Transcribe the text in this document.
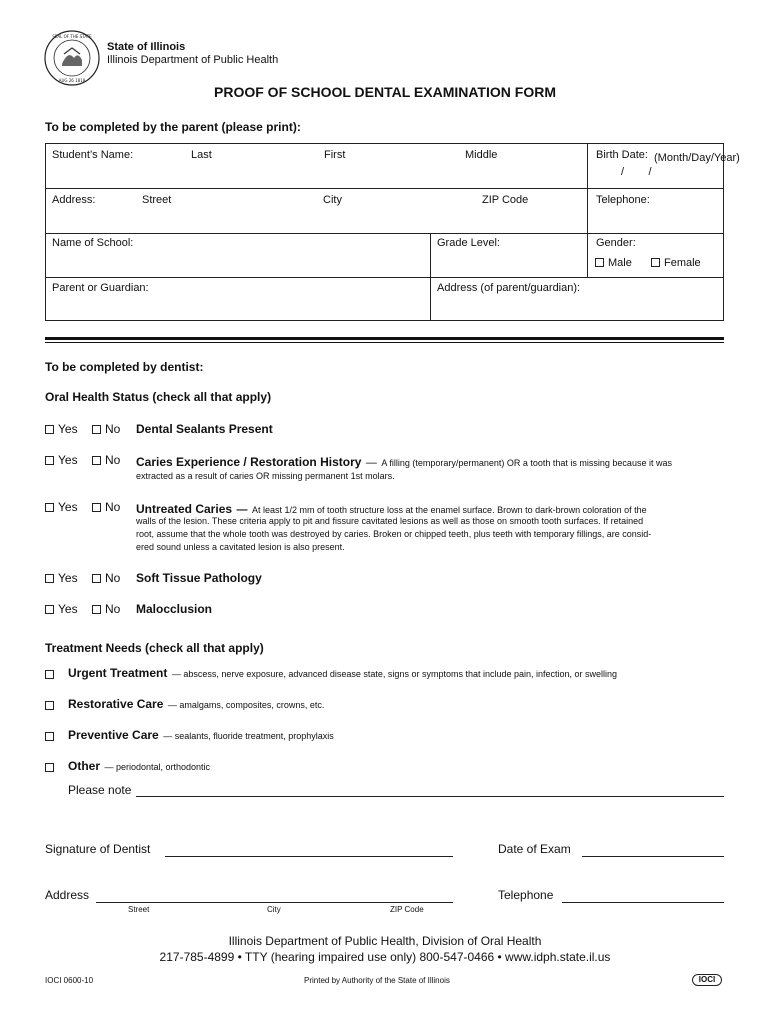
SEAL OF THE STATE
AUG 26 1818
State of Illinois
Illinois Department of Public Health
PROOF OF SCHOOL DENTAL EXAMINATION FORM
To be completed by the parent (please print):
Student’s Name:	Last	First	Middle	Birth Date: (Month/Day/Year)
/        /
Address:	Street	City	ZIP Code	Telephone:
Name of School:	Grade Level:	Gender:
Male	Female
Parent or Guardian:	Address (of parent/guardian):
To be completed by dentist:
Oral Health Status (check all that apply)
Yes	No Dental Sealants Present
Yes	No Caries Experience / Restoration History — A filling (temporary/permanent) OR a tooth that is missing because it was
extracted as a result of caries OR missing permanent 1st molars.
Yes	No Untreated Caries — At least 1/2 mm of tooth structure loss at the enamel surface. Brown to dark-brown coloration of the
walls of the lesion. These criteria apply to pit and fissure cavitated lesions as well as those on smooth tooth surfaces. If retained
root, assume that the whole tooth was destroyed by caries. Broken or chipped teeth, plus teeth with temporary fillings, are consid-
ered sound unless a cavitated lesion is also present.
Yes	No Soft Tissue Pathology
Yes	No Malocclusion
Treatment Needs (check all that apply)
Urgent Treatment — abscess, nerve exposure, advanced disease state, signs or symptoms that include pain, infection, or swelling
Restorative Care — amalgams, composites, crowns, etc.
Preventive Care — sealants, fluoride treatment, prophylaxis
Other — periodontal, orthodontic
Please note
Signature of Dentist	Date of Exam
Address	Telephone
Street	City	ZIP Code
Illinois Department of Public Health, Division of Oral Health
217-785-4899 • TTY (hearing impaired use only) 800-547-0466 • www.idph.state.il.us
IOCI 0600-10	Printed by Authority of the State of Illinois	IOCI
